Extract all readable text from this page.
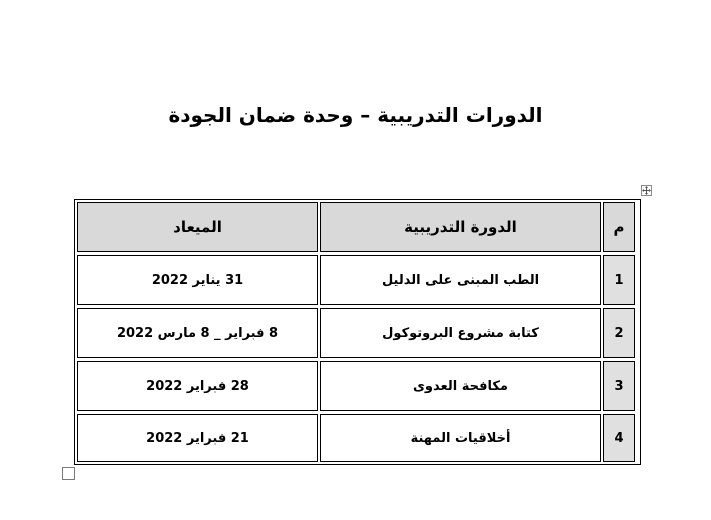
الدورات التدريبية – وحدة ضمان الجودة
م
الدورة التدريبية
الميعاد
1
الطب المبنى على الدليل
31 يناير 2022
2
كتابة مشروع البروتوكول
8 فبراير _ 8 مارس 2022
3
مكافحة العدوى
28 فبراير 2022
4
أخلاقيات المهنة
21 فبراير 2022
